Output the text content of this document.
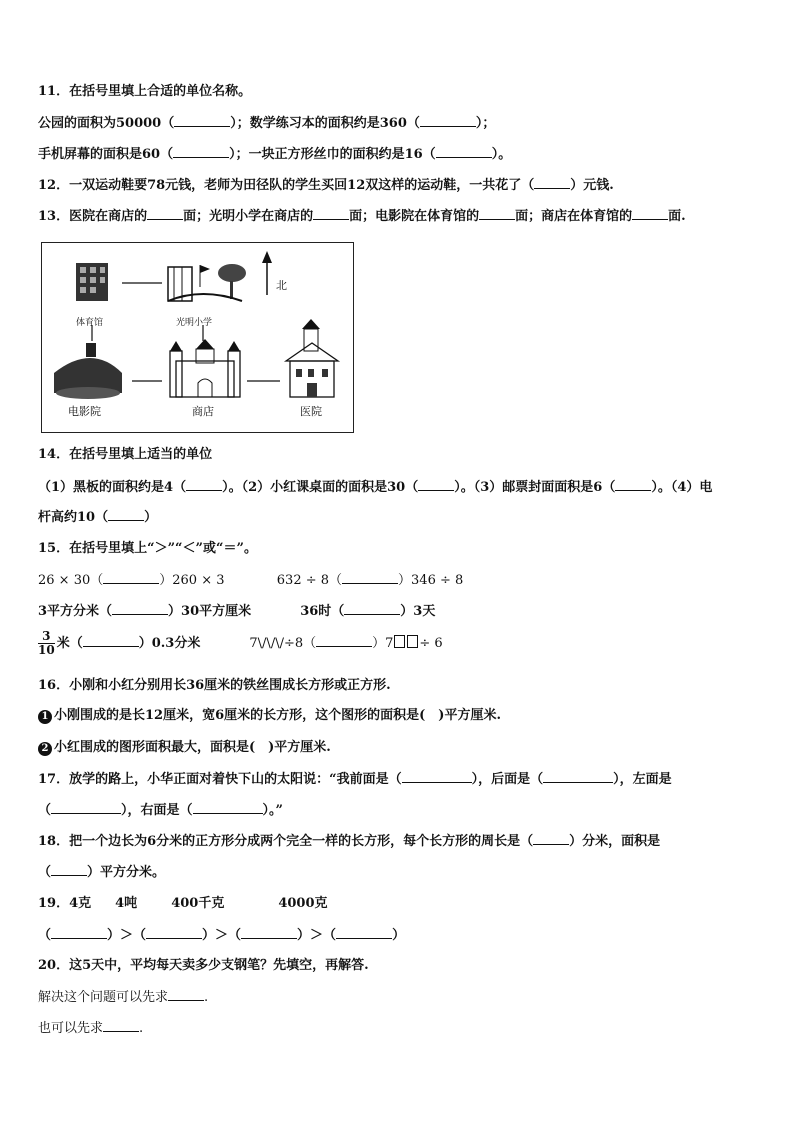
11．在括号里填上合适的单位名称。
公园的面积为50000（	）；数学练习本的面积约是360（	）；
手机屏幕的面积是60（	）；一块正方形丝巾的面积约是16（	）。
12．一双运动鞋要78元钱，老师为田径队的学生买回12双这样的运动鞋，一共花了（	）元钱.
13．医院在商店的	面；光明小学在商店的	面；电影院在体育馆的	面；商店在体育馆的	面.
体育馆	光明小学
北
电影院	商店	医院
14．在括号里填上适当的单位
（1）黑板的面积约是4（	）。（2）小红课桌面的面积是30（	）。（3）邮票封面面积是6（	）。（4）电
杆高约10（	）
15．在括号里填上“＞”“＜”或“＝”。
26 × 30（	）260 × 3	632 ÷ 8（	）346 ÷ 8
3平方分米（	）30平方厘米	36时（	）3天
$\frac{3}{10}$ 米（	）0.3分米	7\/\/\/÷8（	）7 ÷ 6
16．小刚和小红分别用长36厘米的铁丝围成长方形或正方形.
1 小刚围成的是长12厘米，宽6厘米的长方形，这个图形的面积是(　)平方厘米.
2 小红围成的图形面积最大，面积是(　)平方厘米.
17．放学的路上，小华正面对着快下山的太阳说：“我前面是（	），后面是（	），左面是
（	），右面是（	）。”
18．把一个边长为6分米的正方形分成两个完全一样的长方形，每个长方形的周长是（	）分米，面积是
（	）平方分米。
19．4克 4吨	400千克	4000克
（	）＞（	）＞（	）＞（	）
20．这5天中，平均每天卖多少支钢笔？先填空，再解答.
解决这个问题可以先求	.
也可以先求	.
